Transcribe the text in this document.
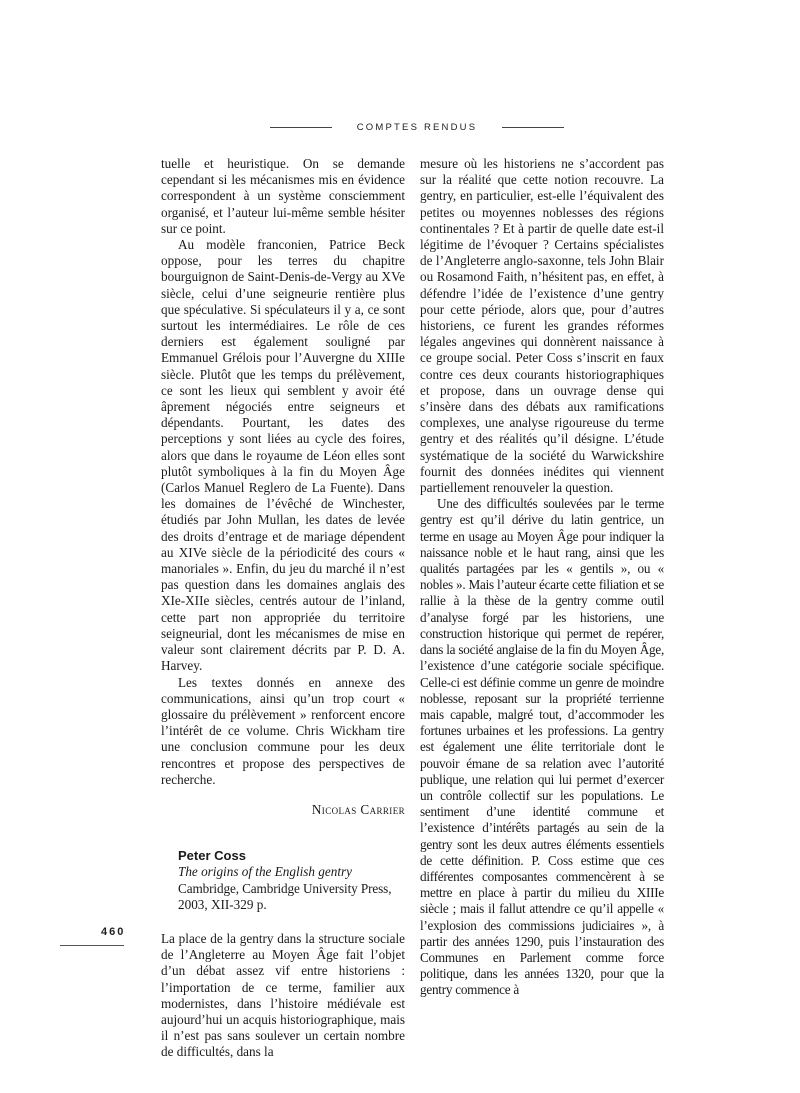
COMPTES RENDUS

tuelle et heuristique. On se demande cependant si les mécanismes mis en évidence correspondent à un système consciemment organisé, et l’auteur lui-même semble hésiter sur ce point.

Au modèle franconien, Patrice Beck oppose, pour les terres du chapitre bourguignon de Saint-Denis-de-Vergy au XVe siècle, celui d’une seigneurie rentière plus que spéculative. Si spéculateurs il y a, ce sont surtout les intermédiaires. Le rôle de ces derniers est également souligné par Emmanuel Grélois pour l’Auvergne du XIIIe siècle. Plutôt que les temps du prélèvement, ce sont les lieux qui semblent y avoir été âprement négociés entre seigneurs et dépendants. Pourtant, les dates des perceptions y sont liées au cycle des foires, alors que dans le royaume de Léon elles sont plutôt symboliques à la fin du Moyen Âge (Carlos Manuel Reglero de La Fuente). Dans les domaines de l’évêché de Winchester, étudiés par John Mullan, les dates de levée des droits d’entrage et de mariage dépendent au XIVe siècle de la périodicité des cours « manoriales ». Enfin, du jeu du marché il n’est pas question dans les domaines anglais des XIe-XIIe siècles, centrés autour de l’inland, cette part non appropriée du territoire seigneurial, dont les mécanismes de mise en valeur sont clairement décrits par P. D. A. Harvey.

Les textes donnés en annexe des communications, ainsi qu’un trop court « glossaire du prélèvement » renforcent encore l’intérêt de ce volume. Chris Wickham tire une conclusion commune pour les deux rencontres et propose des perspectives de recherche.

Nicolas Carrier

Peter Coss
The origins of the English gentry
Cambridge, Cambridge University Press,
2003, XII-329 p.

La place de la gentry dans la structure sociale de l’Angleterre au Moyen Âge fait l’objet d’un débat assez vif entre historiens : l’importation de ce terme, familier aux modernistes, dans l’histoire médiévale est aujourd’hui un acquis historiographique, mais il n’est pas sans soulever un certain nombre de difficultés, dans la

mesure où les historiens ne s’accordent pas sur la réalité que cette notion recouvre. La gentry, en particulier, est-elle l’équivalent des petites ou moyennes noblesses des régions continentales ? Et à partir de quelle date est-il légitime de l’évoquer ? Certains spécialistes de l’Angleterre anglo-saxonne, tels John Blair ou Rosamond Faith, n’hésitent pas, en effet, à défendre l’idée de l’existence d’une gentry pour cette période, alors que, pour d’autres historiens, ce furent les grandes réformes légales angevines qui donnèrent naissance à ce groupe social. Peter Coss s’inscrit en faux contre ces deux courants historiographiques et propose, dans un ouvrage dense qui s’insère dans des débats aux ramifications complexes, une analyse rigoureuse du terme gentry et des réalités qu’il désigne. L’étude systématique de la société du Warwickshire fournit des données inédites qui viennent partiellement renouveler la question.

Une des difficultés soulevées par le terme gentry est qu’il dérive du latin gentrice, un terme en usage au Moyen Âge pour indiquer la naissance noble et le haut rang, ainsi que les qualités partagées par les « gentils », ou « nobles ». Mais l’auteur écarte cette filiation et se rallie à la thèse de la gentry comme outil d’analyse forgé par les historiens, une construction historique qui permet de repérer, dans la société anglaise de la fin du Moyen Âge, l’existence d’une catégorie sociale spécifique. Celle-ci est définie comme un genre de moindre noblesse, reposant sur la propriété terrienne mais capable, malgré tout, d’accommoder les fortunes urbaines et les professions. La gentry est également une élite territoriale dont le pouvoir émane de sa relation avec l’autorité publique, une relation qui lui permet d’exercer un contrôle collectif sur les populations. Le sentiment d’une identité commune et l’existence d’intérêts partagés au sein de la gentry sont les deux autres éléments essentiels de cette définition. P. Coss estime que ces différentes composantes commencèrent à se mettre en place à partir du milieu du XIIIe siècle ; mais il fallut attendre ce qu’il appelle « l’explosion des commissions judiciaires », à partir des années 1290, puis l’instauration des Communes en Parlement comme force politique, dans les années 1320, pour que la gentry commence à

460
